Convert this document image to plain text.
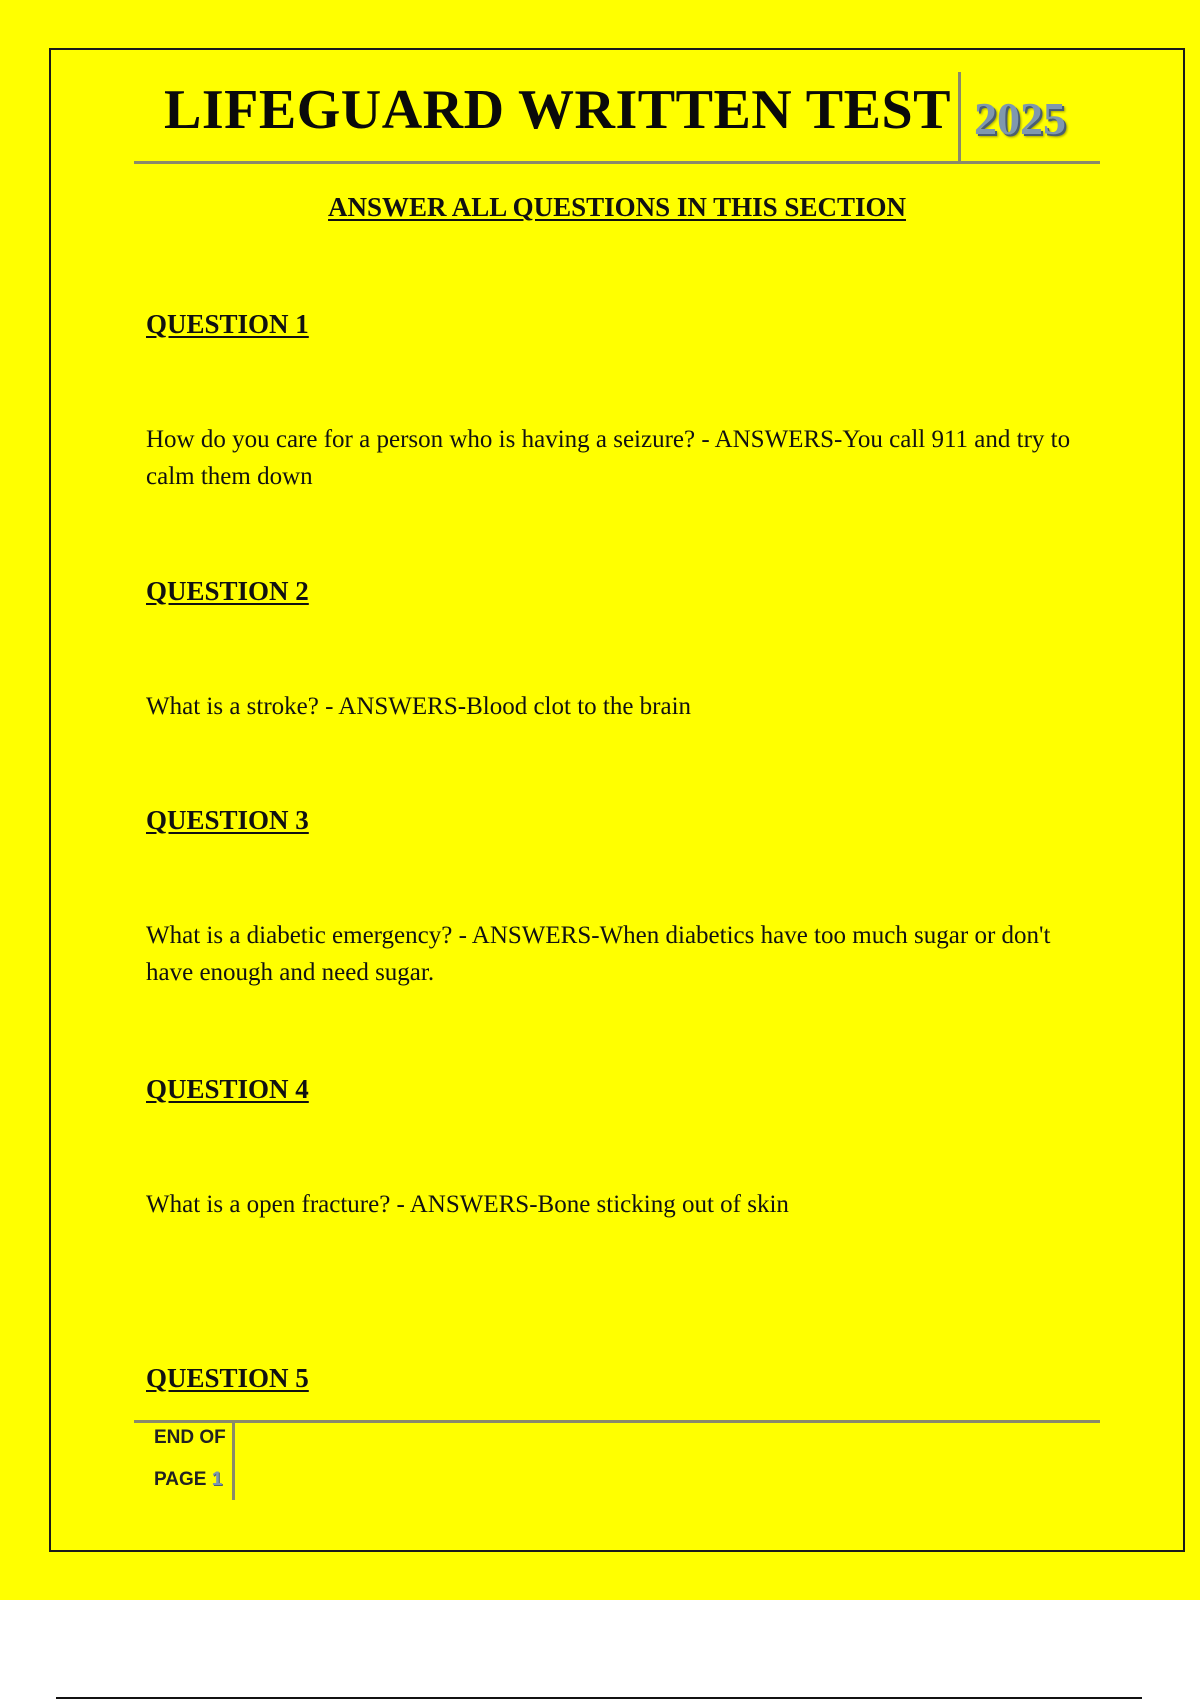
LIFEGUARD WRITTEN TEST 2025
ANSWER ALL QUESTIONS IN THIS SECTION
QUESTION 1
How do you care for a person who is having a seizure? - ANSWERS-You call 911 and try to calm them down
QUESTION 2
What is a stroke? - ANSWERS-Blood clot to the brain
QUESTION 3
What is a diabetic emergency? - ANSWERS-When diabetics have too much sugar or don't have enough and need sugar.
QUESTION 4
What is a open fracture? - ANSWERS-Bone sticking out of skin
QUESTION 5
END OF
PAGE 1
